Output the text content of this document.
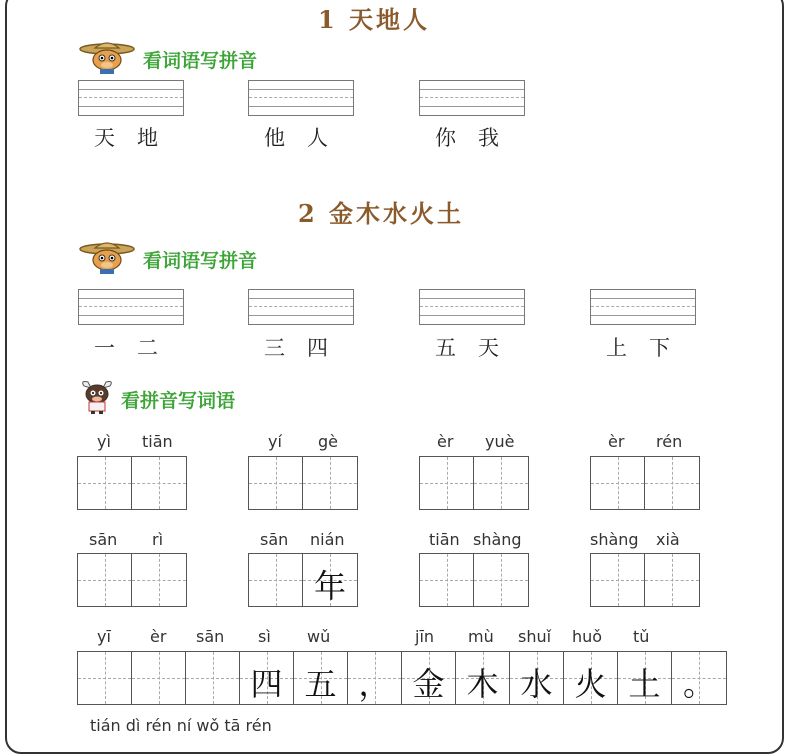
1 天地人
看词语写拼音
天地	他人	你我
2 金木水火土
看词语写拼音
一二	三四	五天	上下
看拼音写词语
yì tiān	yí gè	èr yuè	èr rén
sān rì	sān nián	tiān shàng	shàng xià
年
yī èr sān sì wǔ	jīn mù shuǐ huǒ tǔ
四 五 ， 金 木 水 火 土 。
tián dì rén ní wǒ tā rén
